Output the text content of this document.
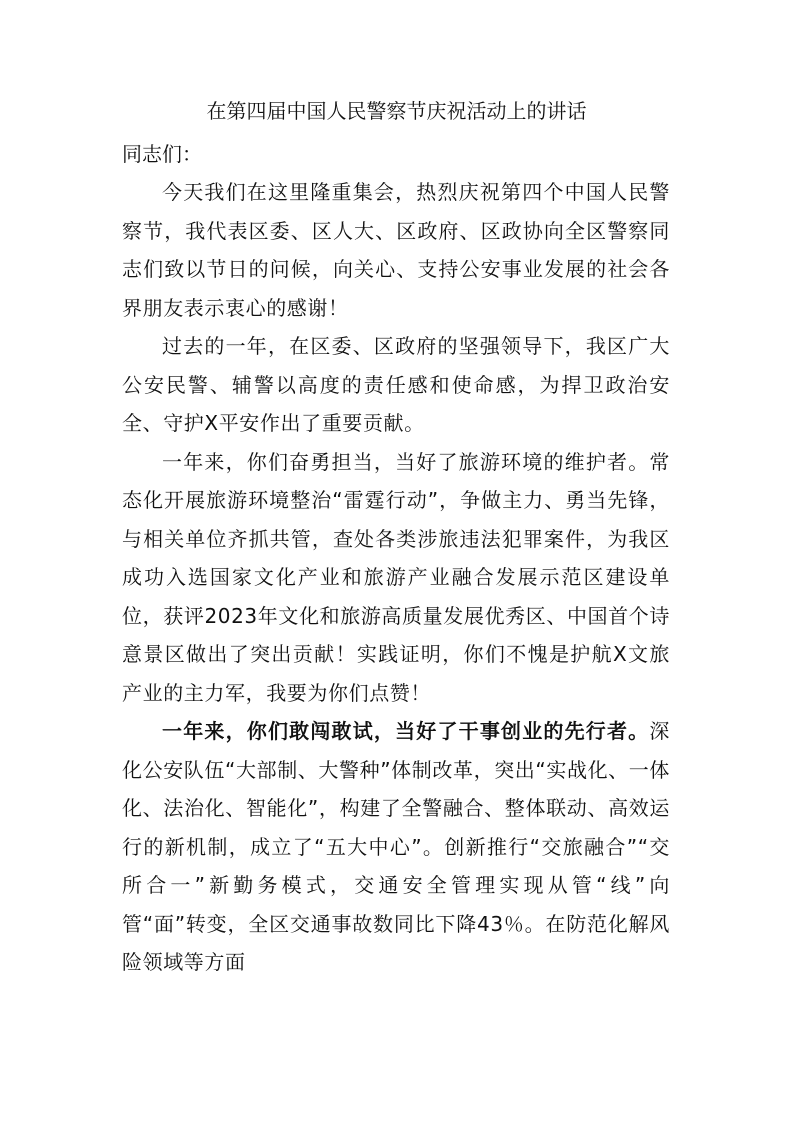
在第四届中国人民警察节庆祝活动上的讲话
同志们：

今天我们在这里隆重集会，热烈庆祝第四个中国人民警察节，我代表区委、区人大、区政府、区政协向全区警察同志们致以节日的问候，向关心、支持公安事业发展的社会各界朋友表示衷心的感谢！

过去的一年，在区委、区政府的坚强领导下，我区广大公安民警、辅警以高度的责任感和使命感，为捍卫政治安全、守护X平安作出了重要贡献。

一年来，你们奋勇担当，当好了旅游环境的维护者。常态化开展旅游环境整治“雷霆行动”，争做主力、勇当先锋，与相关单位齐抓共管，查处各类涉旅违法犯罪案件，为我区成功入选国家文化产业和旅游产业融合发展示范区建设单位，获评2023年文化和旅游高质量发展优秀区、中国首个诗意景区做出了突出贡献！实践证明，你们不愧是护航X文旅产业的主力军，我要为你们点赞！

一年来，你们敢闯敢试，当好了干事创业的先行者。深化公安队伍“大部制、大警种”体制改革，突出“实战化、一体化、法治化、智能化”，构建了全警融合、整体联动、高效运行的新机制，成立了“五大中心”。创新推行“交旅融合”“交所合一”新勤务模式，交通安全管理实现从管“线”向管“面”转变，全区交通事故数同比下降43％。在防范化解风险领域等方面
